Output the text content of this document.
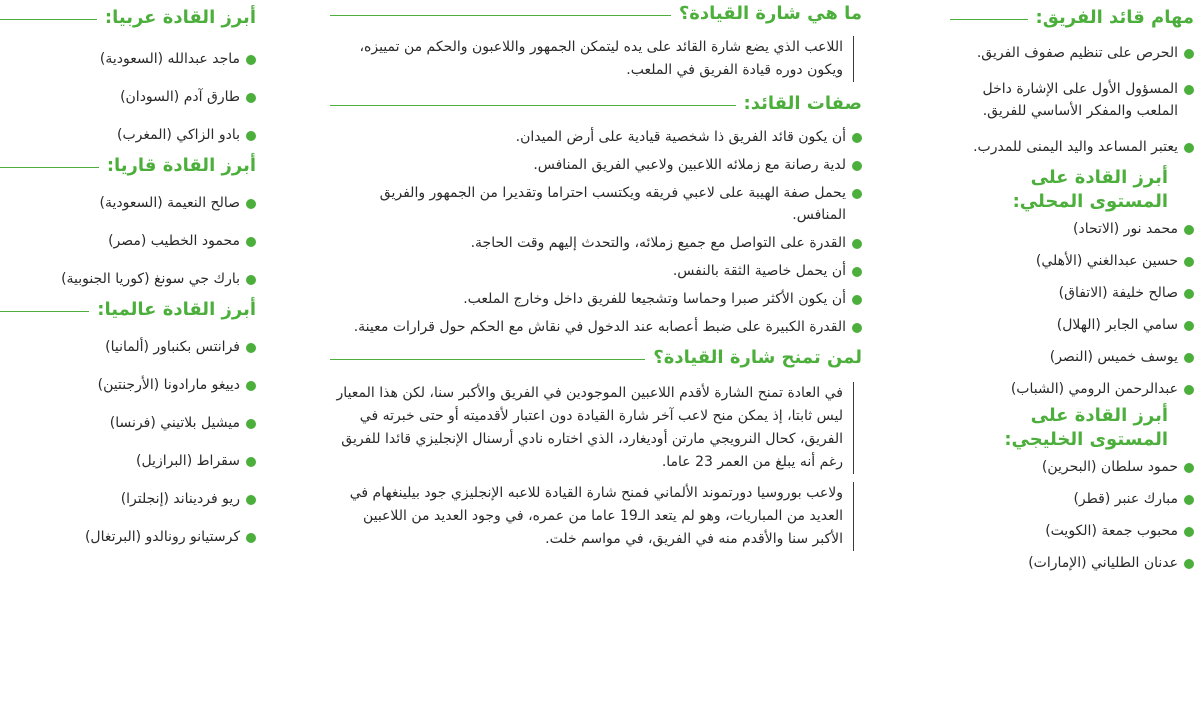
مهام قائد الفريق:
الحرص على تنظيم صفوف الفريق.
المسؤول الأول على الإشارة داخل الملعب والمفكر الأساسي للفريق.
يعتبر المساعد واليد اليمنى للمدرب.
أبرز القادة على المستوى المحلي:
محمد نور (الاتحاد)
حسين عبدالغني (الأهلي)
صالح خليفة (الاتفاق)
سامي الجابر (الهلال)
يوسف خميس (النصر)
عبدالرحمن الرومي (الشباب)
أبرز القادة على المستوى الخليجي:
حمود سلطان (البحرين)
مبارك عنبر (قطر)
محبوب جمعة (الكويت)
عدنان الطلياني (الإمارات)
ما هي شارة القيادة؟
اللاعب الذي يضع شارة القائد على يده ليتمكن الجمهور واللاعبون والحكم من تمييزه، ويكون دوره قيادة الفريق في الملعب.
صفات القائد:
أن يكون قائد الفريق ذا شخصية قيادية على أرض الميدان.
لدية رصانة مع زملائه اللاعبين ولاعبي الفريق المنافس.
يحمل صفة الهيبة على لاعبي فريقه ويكتسب احتراما وتقديرا من الجمهور والفريق المنافس.
القدرة على التواصل مع جميع زملائه، والتحدث إليهم وقت الحاجة.
أن يحمل خاصية الثقة بالنفس.
أن يكون الأكثر صبرا وحماسا وتشجيعا للفريق داخل وخارج الملعب.
القدرة الكبيرة على ضبط أعصابه عند الدخول في نقاش مع الحكم حول قرارات معينة.
لمن تمنح شارة القيادة؟
في العادة تمنح الشارة لأقدم اللاعبين الموجودين في الفريق والأكبر سنا، لكن هذا المعيار ليس ثابتا، إذ يمكن منح لاعب آخر شارة القيادة دون اعتبار لأقدميته أو حتى خبرته في الفريق، كحال النرويجي مارتن أوديغارد، الذي اختاره نادي أرسنال الإنجليزي قائدا للفريق رغم أنه يبلغ من العمر 23 عاما.
ولاعب بوروسيا دورتموند الألماني فمنح شارة القيادة للاعبه الإنجليزي جود بيلينغهام في العديد من المباريات، وهو لم يتعد الـ19 عاما من عمره، في وجود العديد من اللاعبين الأكبر سنا والأقدم منه في الفريق، في مواسم خلت.
أبرز القادة عربيا:
ماجد عبدالله (السعودية)
طارق آدم (السودان)
بادو الزاكي (المغرب)
أبرز القادة قاريا:
صالح النعيمة (السعودية)
محمود الخطيب (مصر)
بارك جي سونغ (كوريا الجنوبية)
أبرز القادة عالميا:
فرانتس بكنباور (ألمانيا)
دييغو مارادونا (الأرجنتين)
ميشيل بلاتيني (فرنسا)
سقراط (البرازيل)
ريو فرديناند (إنجلترا)
كرستيانو رونالدو (البرتغال)
